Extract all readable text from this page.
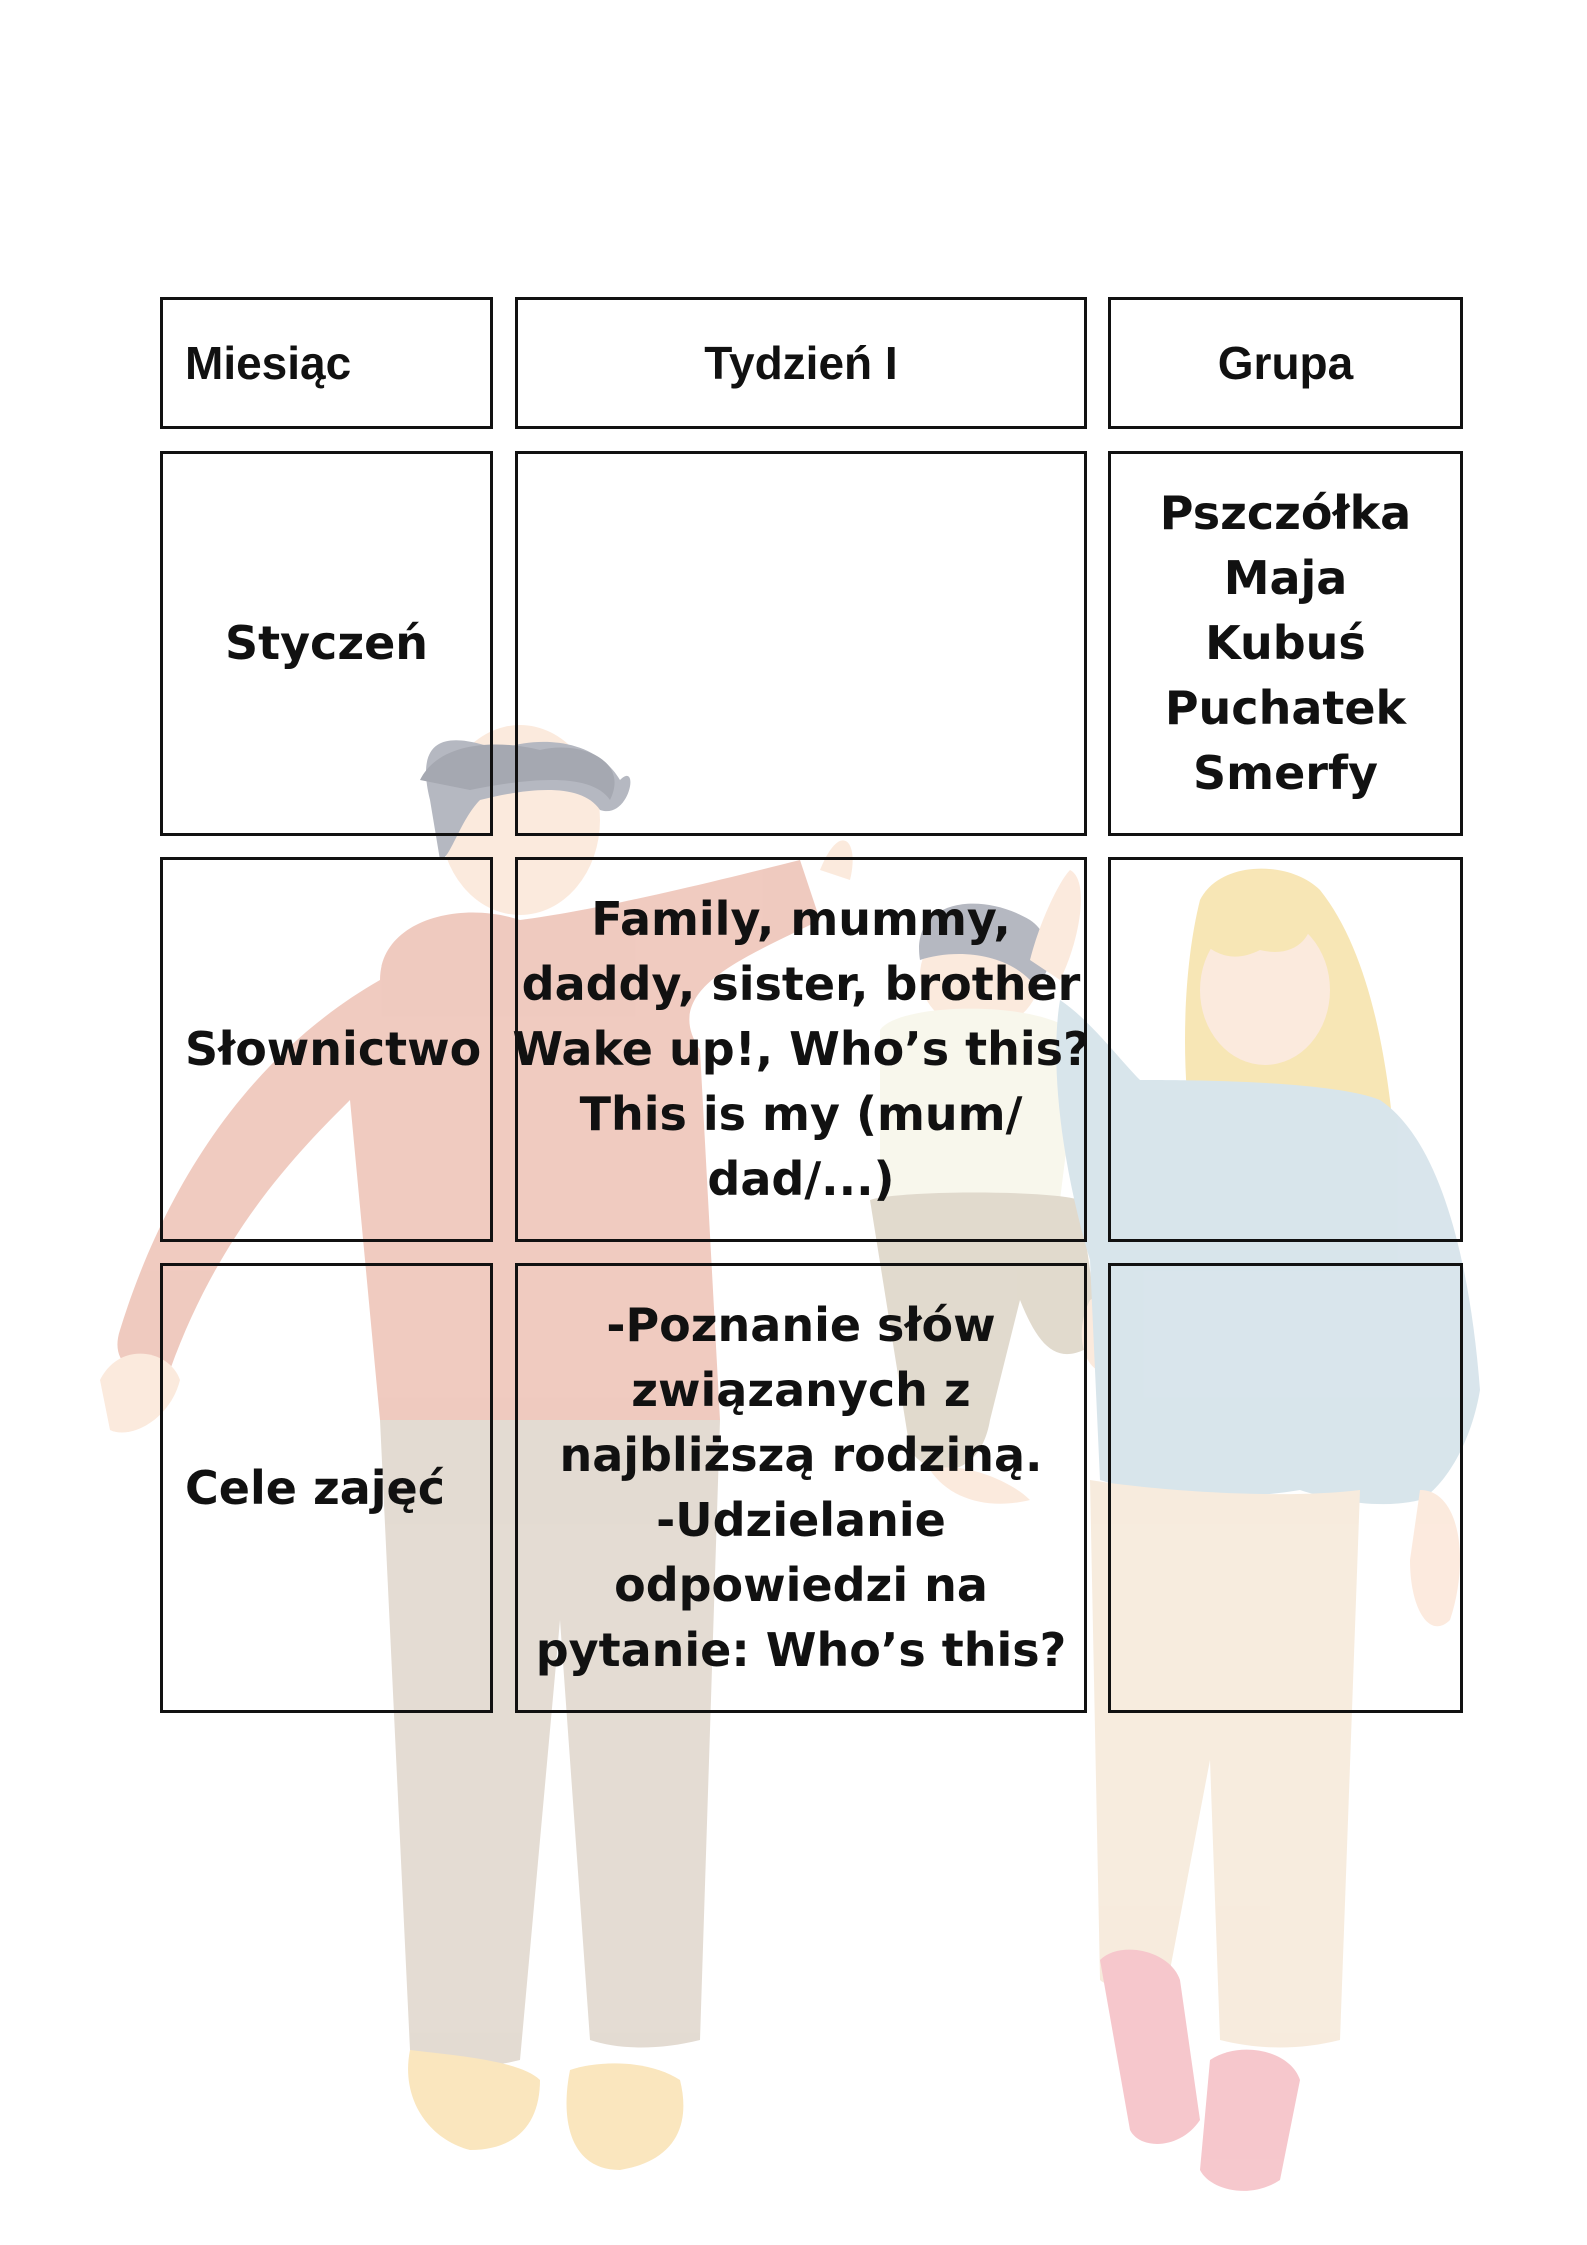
Miesiąc	Tydzień I	Grupa
Styczeń
Pszczółka
Maja
Kubuś
Puchatek
Smerfy
Słownictwo
Family, mummy,
daddy, sister, brother
Wake up!, Who’s this?
This is my (mum/
dad/...)
Cele zajęć
-Poznanie słów
związanych z
najbliższą rodziną.
-Udzielanie
odpowiedzi na
pytanie: Who’s this?
